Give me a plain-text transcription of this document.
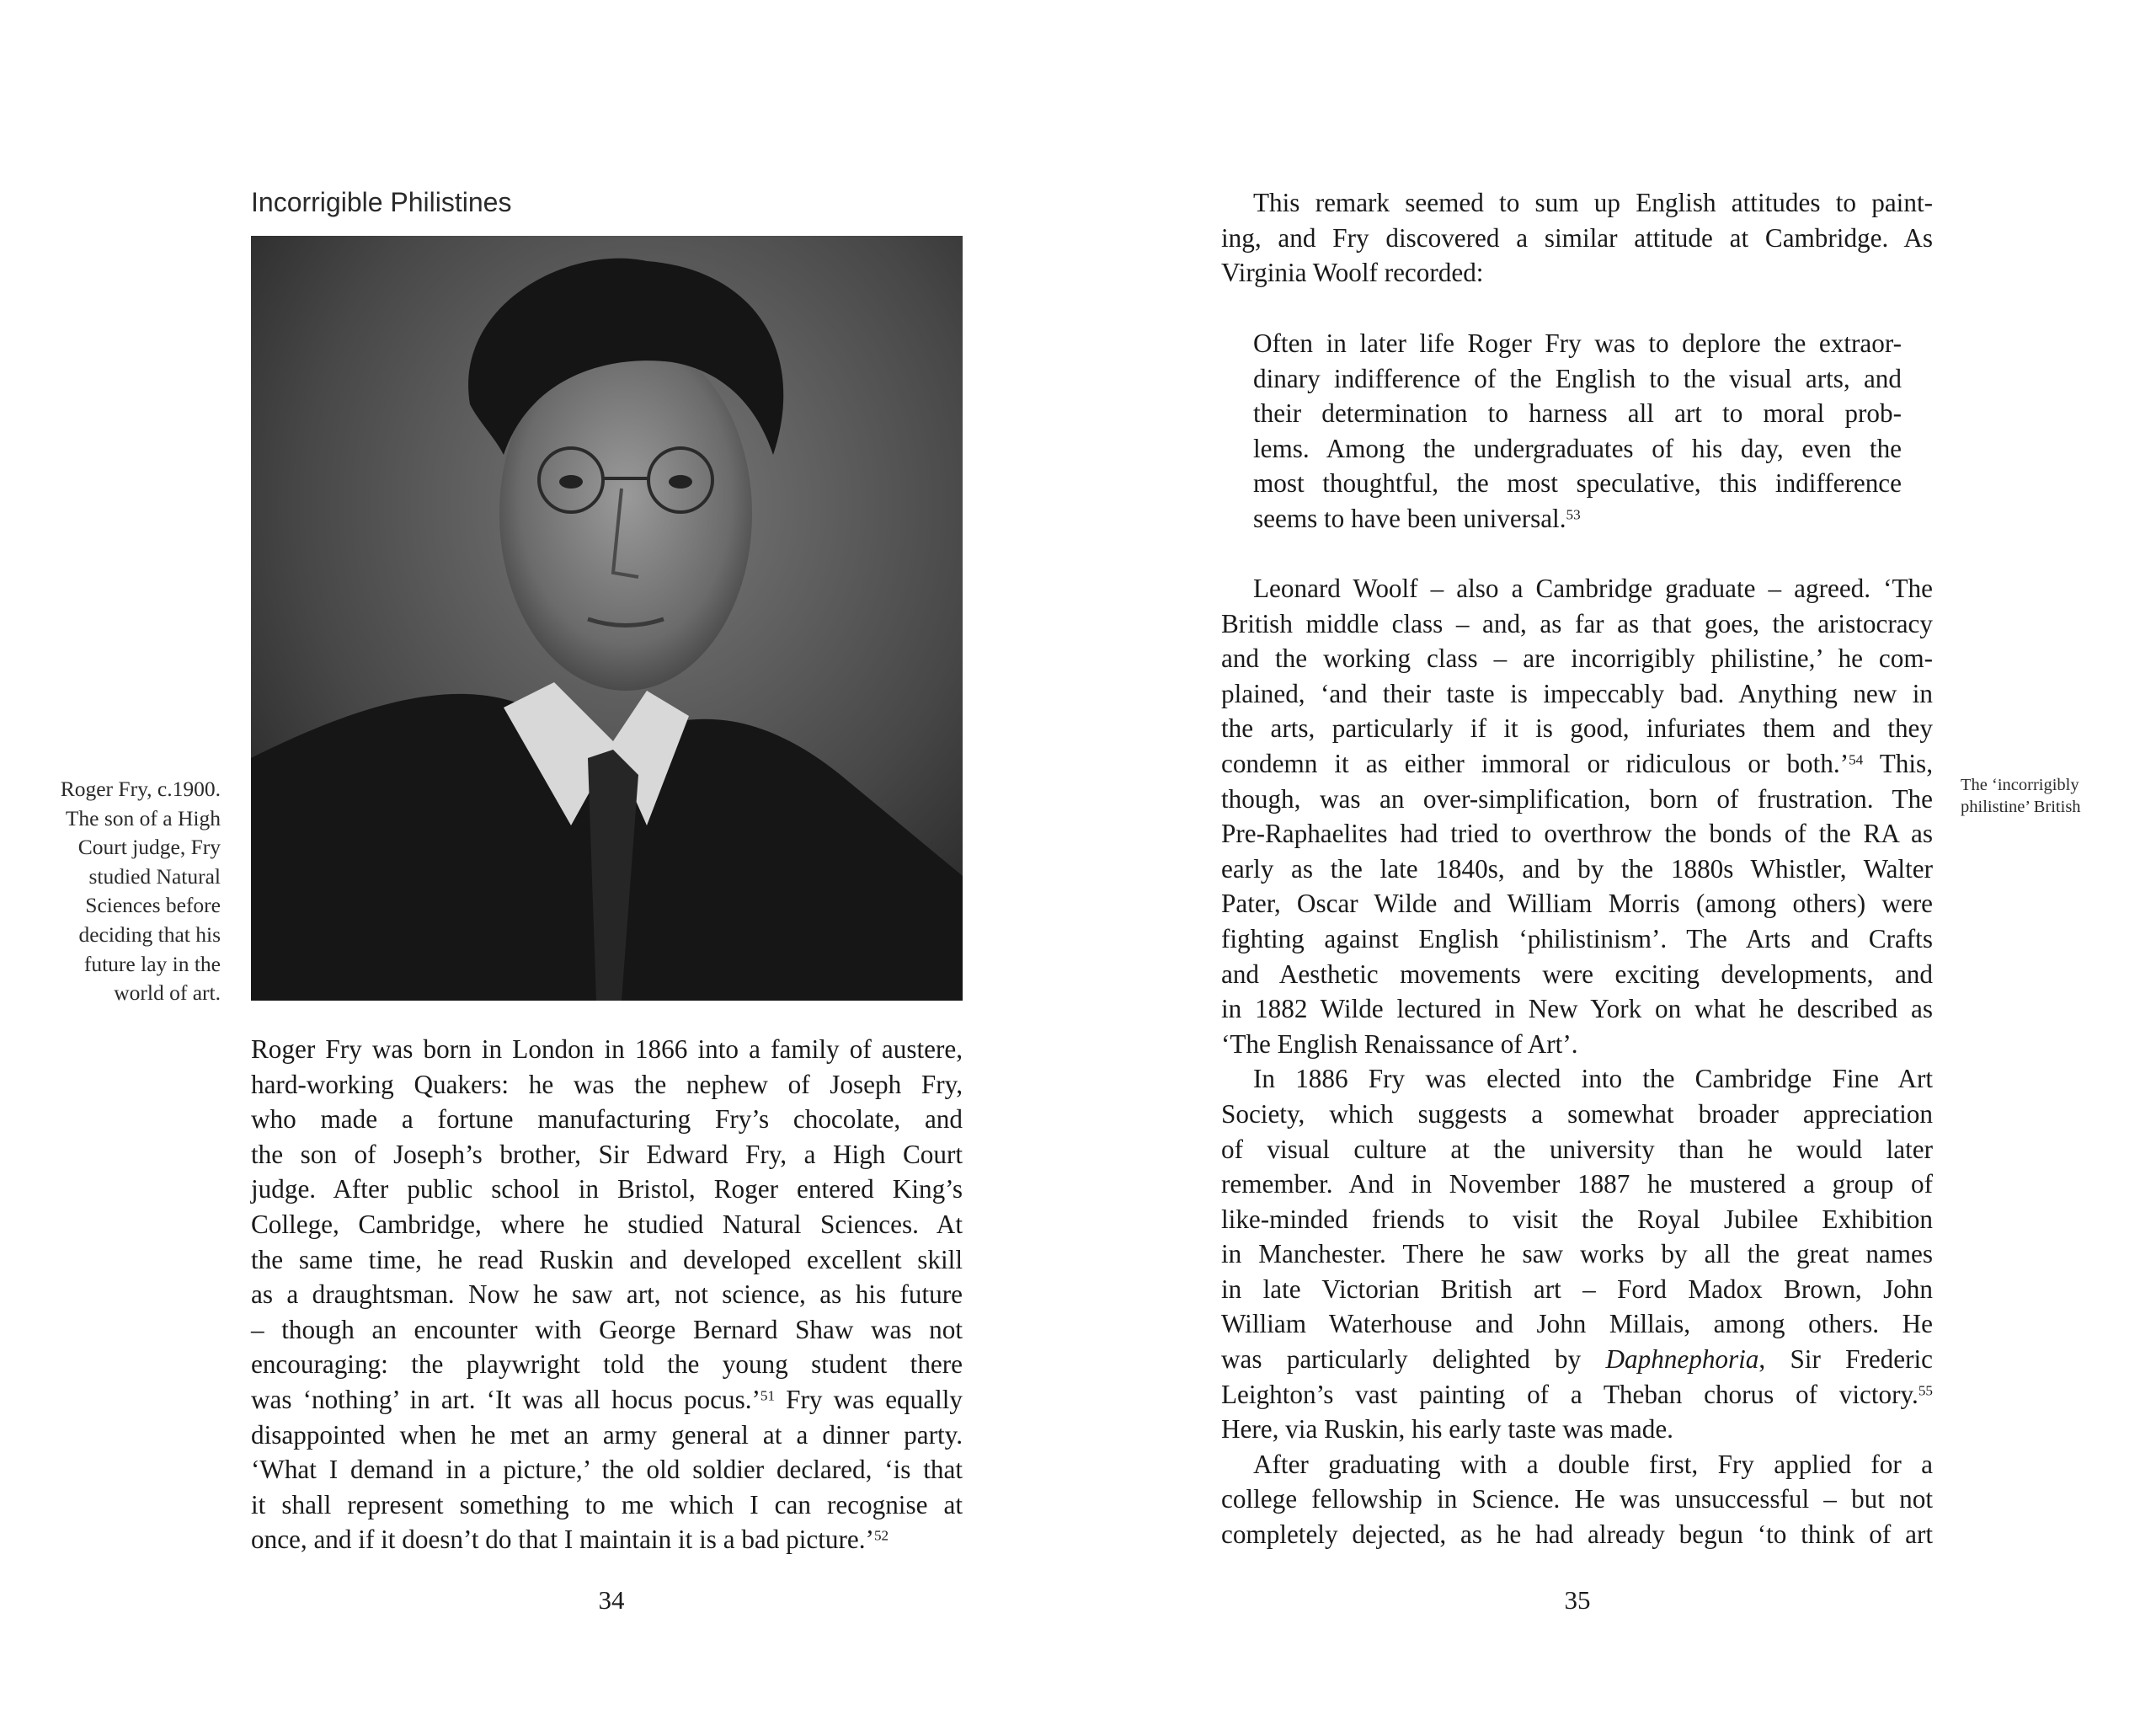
Incorrigible Philistines
Roger Fry, c.1900.
The son of a High
Court judge, Fry
studied Natural
Sciences before
deciding that his
future lay in the
world of art.
Roger Fry was born in London in 1866 into a family of austere,
hard-working Quakers: he was the nephew of Joseph Fry,
who made a fortune manufacturing Fry’s chocolate, and
the son of Joseph’s brother, Sir Edward Fry, a High Court
judge. After public school in Bristol, Roger entered King’s
College, Cambridge, where he studied Natural Sciences. At
the same time, he read Ruskin and developed excellent skill
as a draughtsman. Now he saw art, not science, as his future
– though an encounter with George Bernard Shaw was not
encouraging: the playwright told the young student there
was ‘nothing’ in art. ‘It was all hocus pocus.’$^{51}$ Fry was equally
disappointed when he met an army general at a dinner party.
‘What I demand in a picture,’ the old soldier declared, ‘is that
it shall represent something to me which I can recognise at
once, and if it doesn’t do that I maintain it is a bad picture.’$^{52}$
34
This remark seemed to sum up English attitudes to paint-
ing, and Fry discovered a similar attitude at Cambridge. As
Virginia Woolf recorded:
Often in later life Roger Fry was to deplore the extraor-
dinary indifference of the English to the visual arts, and
their determination to harness all art to moral prob-
lems. Among the undergraduates of his day, even the
most thoughtful, the most speculative, this indifference
seems to have been universal.$^{53}$
Leonard Woolf – also a Cambridge graduate – agreed. ‘The
British middle class – and, as far as that goes, the aristocracy
and the working class – are incorrigibly philistine,’ he com-
plained, ‘and their taste is impeccably bad. Anything new in
the arts, particularly if it is good, infuriates them and they
condemn it as either immoral or ridiculous or both.’$^{54}$ This,
though, was an over-simplification, born of frustration. The
Pre-Raphaelites had tried to overthrow the bonds of the RA as
early as the late 1840s, and by the 1880s Whistler, Walter
Pater, Oscar Wilde and William Morris (among others) were
fighting against English ‘philistinism’. The Arts and Crafts
and Aesthetic movements were exciting developments, and
in 1882 Wilde lectured in New York on what he described as
‘The English Renaissance of Art’.
In 1886 Fry was elected into the Cambridge Fine Art
Society, which suggests a somewhat broader appreciation
of visual culture at the university than he would later
remember. And in November 1887 he mustered a group of
like-minded friends to visit the Royal Jubilee Exhibition
in Manchester. There he saw works by all the great names
in late Victorian British art – Ford Madox Brown, John
William Waterhouse and John Millais, among others. He
was particularly delighted by Daphnephoria, Sir Frederic
Leighton’s vast painting of a Theban chorus of victory.$^{55}$
Here, via Ruskin, his early taste was made.
After graduating with a double first, Fry applied for a
college fellowship in Science. He was unsuccessful – but not
completely dejected, as he had already begun ‘to think of art
The ‘incorrigibly
philistine’ British
35
